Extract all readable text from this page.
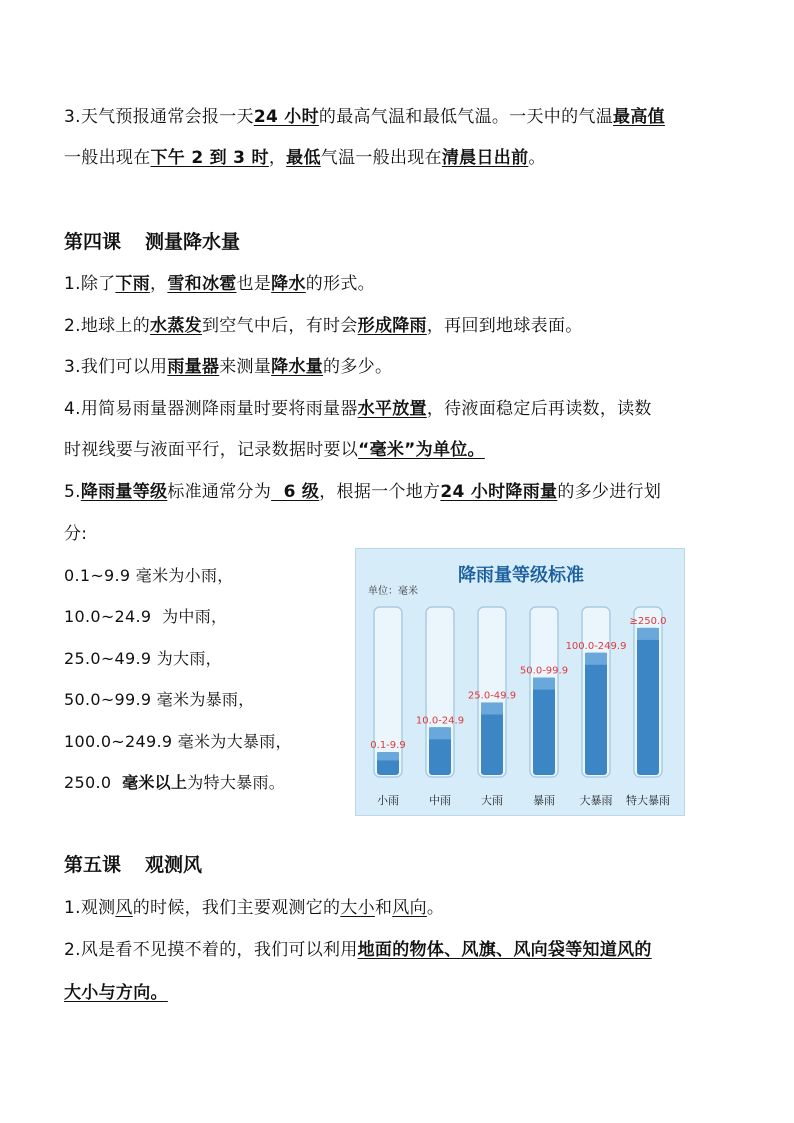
3.天气预报通常会报一天24 小时的最高气温和最低气温。一天中的气温最高值
一般出现在下午 2 到 3 时，最低气温一般出现在清晨日出前。
第四课 测量降水量
1.除了下雨，雪和冰雹也是降水的形式。
2.地球上的水蒸发到空气中后，有时会形成降雨，再回到地球表面。
3.我们可以用雨量器来测量降水量的多少。
4.用简易雨量器测降雨量时要将雨量器水平放置，待液面稳定后再读数，读数
时视线要与液面平行，记录数据时要以“毫米”为单位。
5.降雨量等级标准通常分为  6 级，根据一个地方24 小时降雨量的多少进行划
分:
0.1~9.9 毫米为小雨，
10.0~24.9  为中雨，
25.0~49.9 为大雨，
50.0~99.9 毫米为暴雨，
100.0~249.9 毫米为大暴雨，
250.0  毫米以上为特大暴雨。
降雨量等级标准
单位：毫米
0.1-9.9
小雨
10.0-24.9
中雨
25.0-49.9
大雨
50.0-99.9
暴雨
100.0-249.9
大暴雨
≥250.0
特大暴雨
第五课 观测风
1.观测风的时候，我们主要观测它的大小和风向。
2.风是看不见摸不着的，我们可以利用地面的物体、风旗、风向袋等知道风的
大小与方向。
